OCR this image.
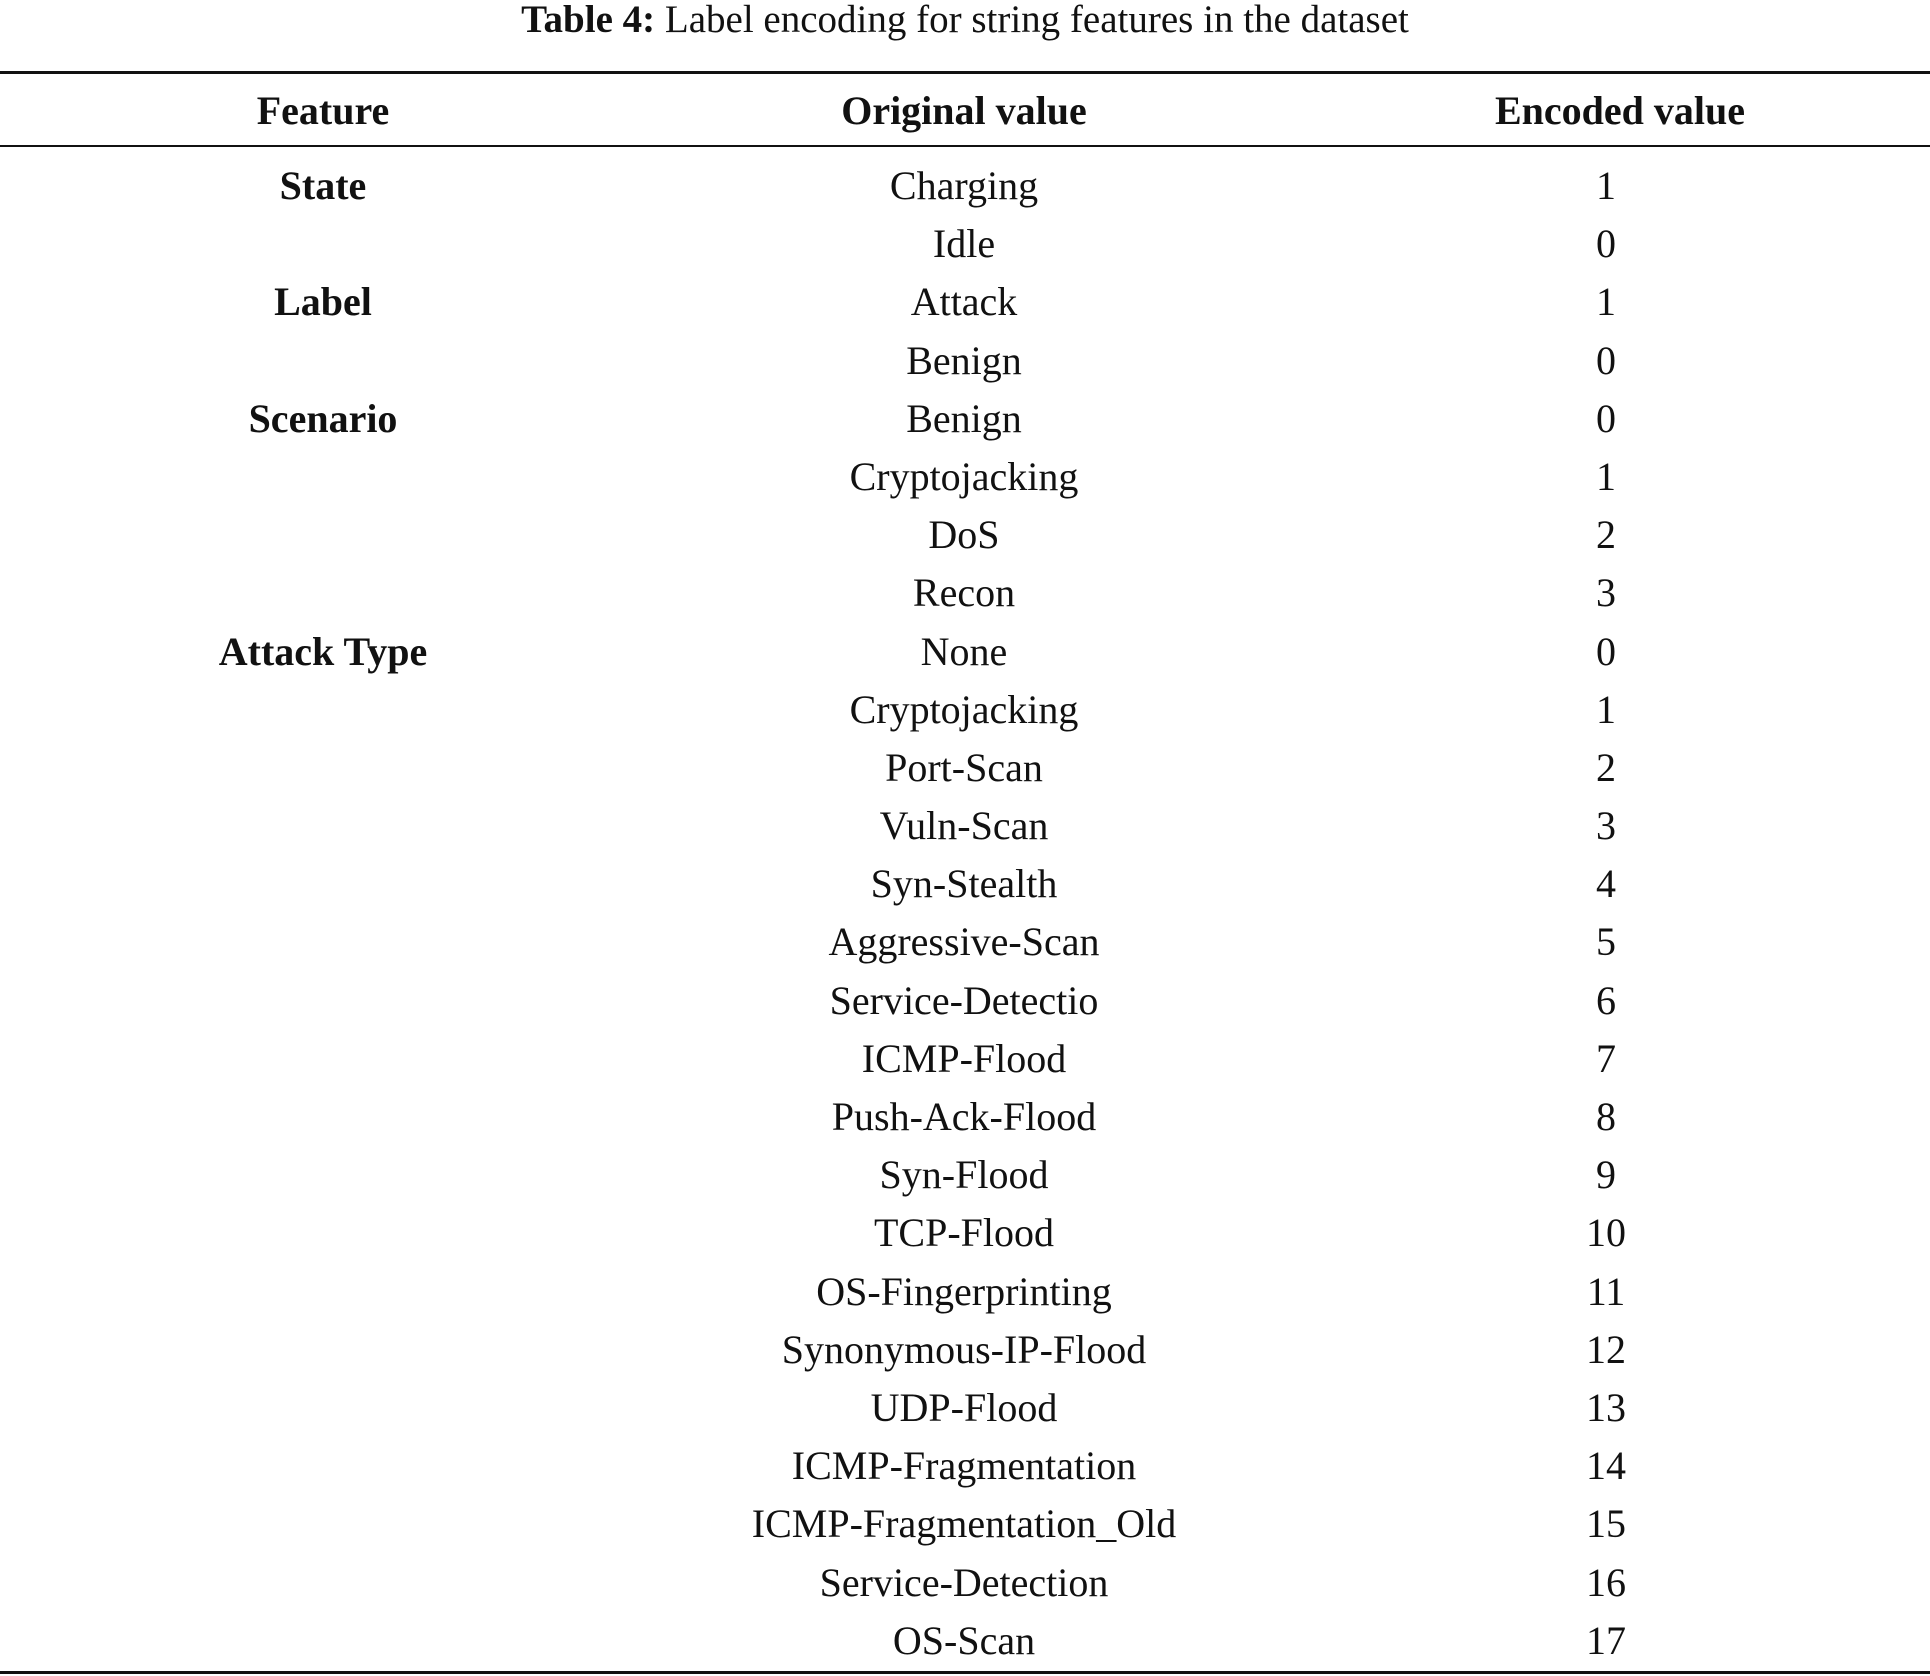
Table 4: Label encoding for string features in the dataset
Feature	Original value	Encoded value
State	Charging	1
Idle	0
Label	Attack	1
Benign	0
Scenario	Benign	0
Cryptojacking	1
DoS	2
Recon	3
Attack Type	None	0
Cryptojacking	1
Port-Scan	2
Vuln-Scan	3
Syn-Stealth	4
Aggressive-Scan	5
Service-Detectio	6
ICMP-Flood	7
Push-Ack-Flood	8
Syn-Flood	9
TCP-Flood	10
OS-Fingerprinting	11
Synonymous-IP-Flood	12
UDP-Flood	13
ICMP-Fragmentation	14
ICMP-Fragmentation_Old	15
Service-Detection	16
OS-Scan	17
